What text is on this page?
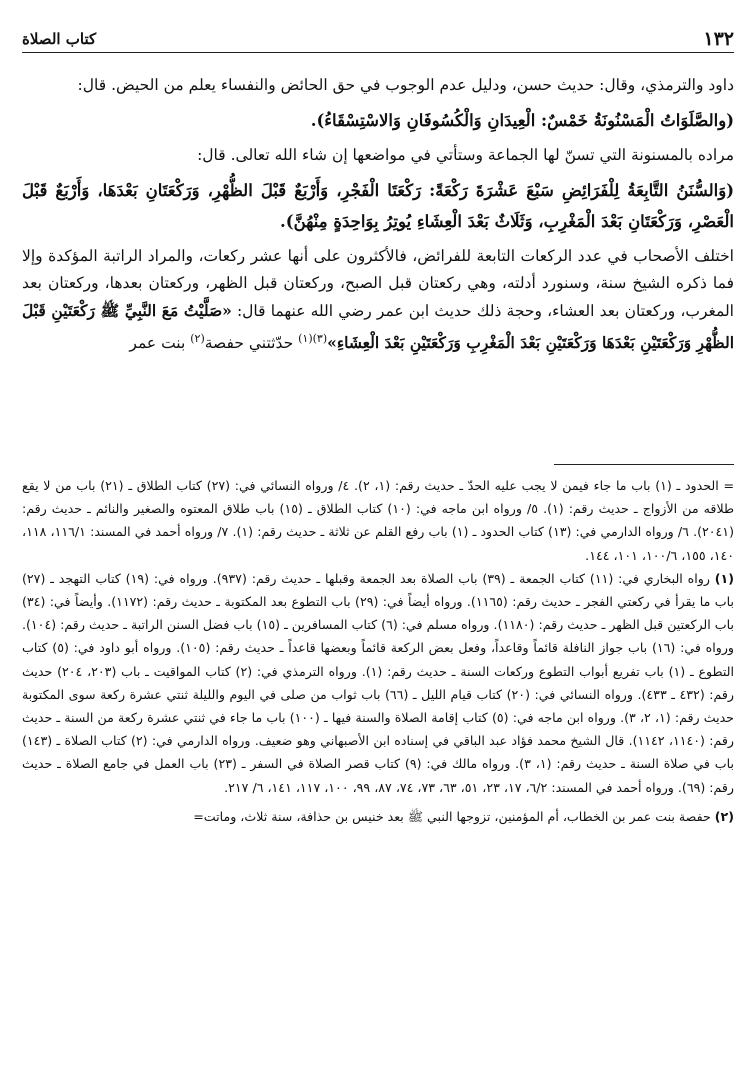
١٣٢
كتاب الصلاة

داود والترمذي، وقال: حديث حسن، ودليل عدم الوجوب في حق الحائض والنفساء يعلم من الحيض. قال:

(والصَّلَوَاتُ الْمَسْنُونَةُ خَمْسٌ: الْعِيدَانِ وَالْكُسُوفَانِ وَالاسْتِسْقَاءُ).

مراده بالمسنونة التي تسنّ لها الجماعة وستأتي في مواضعها إن شاء الله تعالى. قال:

(وَالسُّنَنُ التَّابِعَةُ لِلْفَرَائِضِ سَبْعَ عَشْرَةَ رَكْعَةً: رَكْعَتَا الْفَجْرِ، وَأَرْبَعٌ قَبْلَ الظُّهْرِ، وَرَكْعَتَانِ بَعْدَهَا، وَأَرْبَعٌ قَبْلَ الْعَصْرِ، وَرَكْعَتَانِ بَعْدَ الْمَغْرِبِ، وَثَلَاثٌ بَعْدَ الْعِشَاءِ يُوتِرُ بِوَاحِدَةٍ مِنْهُنَّ).

اختلف الأصحاب في عدد الركعات التابعة للفرائض، فالأكثرون على أنها عشر ركعات، والمراد الراتبة المؤكدة وإلا فما ذكره الشيخ سنة، وسنورد أدلته، وهي ركعتان قبل الصبح، وركعتان قبل الظهر، وركعتان بعدها، وركعتان بعد المغرب، وركعتان بعد العشاء، وحجة ذلك حديث ابن عمر رضي الله عنهما قال: «صَلَّيْتُ مَعَ النَّبِيِّ ﷺ رَكْعَتَيْنِ قَبْلَ الظُّهْرِ وَرَكْعَتَيْنِ بَعْدَهَا وَرَكْعَتَيْنِ بَعْدَ الْمَغْرِبِ وَرَكْعَتَيْنِ بَعْدَ الْعِشَاءِ»$^{(٣)(١)}$ حدّثتني حفصة$^{(٢)}$ بنت عمر

= الحدود ـ (١) باب ما جاء فيمن لا يجب عليه الحدّ ـ حديث رقم: (١، ٢). ٤/ ورواه النسائي في: (٢٧) كتاب الطلاق ـ (٢١) باب من لا يقع طلاقه من الأزواج ـ حديث رقم: (١). ٥/ ورواه ابن ماجه في: (١٠) كتاب الطلاق ـ (١٥) باب طلاق المعتوه والصغير والنائم ـ حديث رقم: (٢٠٤١). ٦/ ورواه الدارمي في: (١٣) كتاب الحدود ـ (١) باب رفع القلم عن ثلاثة ـ حديث رقم: (١). ٧/ ورواه أحمد في المسند: ١١٦/١، ١١٨، ١٤٠، ١٥٥، ١٠٠/٦، ١٠١، ١٤٤.

(١) رواه البخاري في: (١١) كتاب الجمعة ـ (٣٩) باب الصلاة بعد الجمعة وقبلها ـ حديث رقم: (٩٣٧). ورواه في: (١٩) كتاب التهجد ـ (٢٧) باب ما يقرأ في ركعتي الفجر ـ حديث رقم: (١١٦٥). ورواه أيضاً في: (٢٩) باب التطوع بعد المكتوبة ـ حديث رقم: (١١٧٢). وأيضاً في: (٣٤) باب الركعتين قبل الظهر ـ حديث رقم: (١١٨٠). ورواه مسلم في: (٦) كتاب المسافرين ـ (١٥) باب فضل السنن الراتبة ـ حديث رقم: (١٠٤). ورواه في: (١٦) باب جواز النافلة قائماً وقاعداً، وفعل بعض الركعة قائماً وبعضها قاعداً ـ حديث رقم: (١٠٥). ورواه أبو داود في: (٥) كتاب التطوع ـ (١) باب تفريع أبواب التطوع وركعات السنة ـ حديث رقم: (١). ورواه الترمذي في: (٢) كتاب المواقيت ـ باب (٢٠٣، ٢٠٤) حديث رقم: (٤٣٢ ـ ٤٣٣). ورواه النسائي في: (٢٠) كتاب قيام الليل ـ (٦٦) باب ثواب من صلى في اليوم والليلة ثنتي عشرة ركعة سوى المكتوبة حديث رقم: (١، ٢، ٣). ورواه ابن ماجه في: (٥) كتاب إقامة الصلاة والسنة فيها ـ (١٠٠) باب ما جاء في ثنتي عشرة ركعة من السنة ـ حديث رقم: (١١٤٠، ١١٤٢). قال الشيخ محمد فؤاد عبد الباقي في إسناده ابن الأصبهاني وهو ضعيف. ورواه الدارمي في: (٢) كتاب الصلاة ـ (١٤٣) باب في صلاة السنة ـ حديث رقم: (١، ٣). ورواه مالك في: (٩) كتاب قصر الصلاة في السفر ـ (٢٣) باب العمل في جامع الصلاة ـ حديث رقم: (٦٩). ورواه أحمد في المسند: ٦/٢، ١٧، ٢٣، ٥١، ٦٣، ٧٣، ٧٤، ٨٧، ٩٩، ١٠٠، ١١٧، ١٤١، ٦/ ٢١٧.

(٢) حفصة بنت عمر بن الخطاب، أم المؤمنين، تزوجها النبي ﷺ بعد خنيس بن حذافة، سنة ثلاث، وماتت=
